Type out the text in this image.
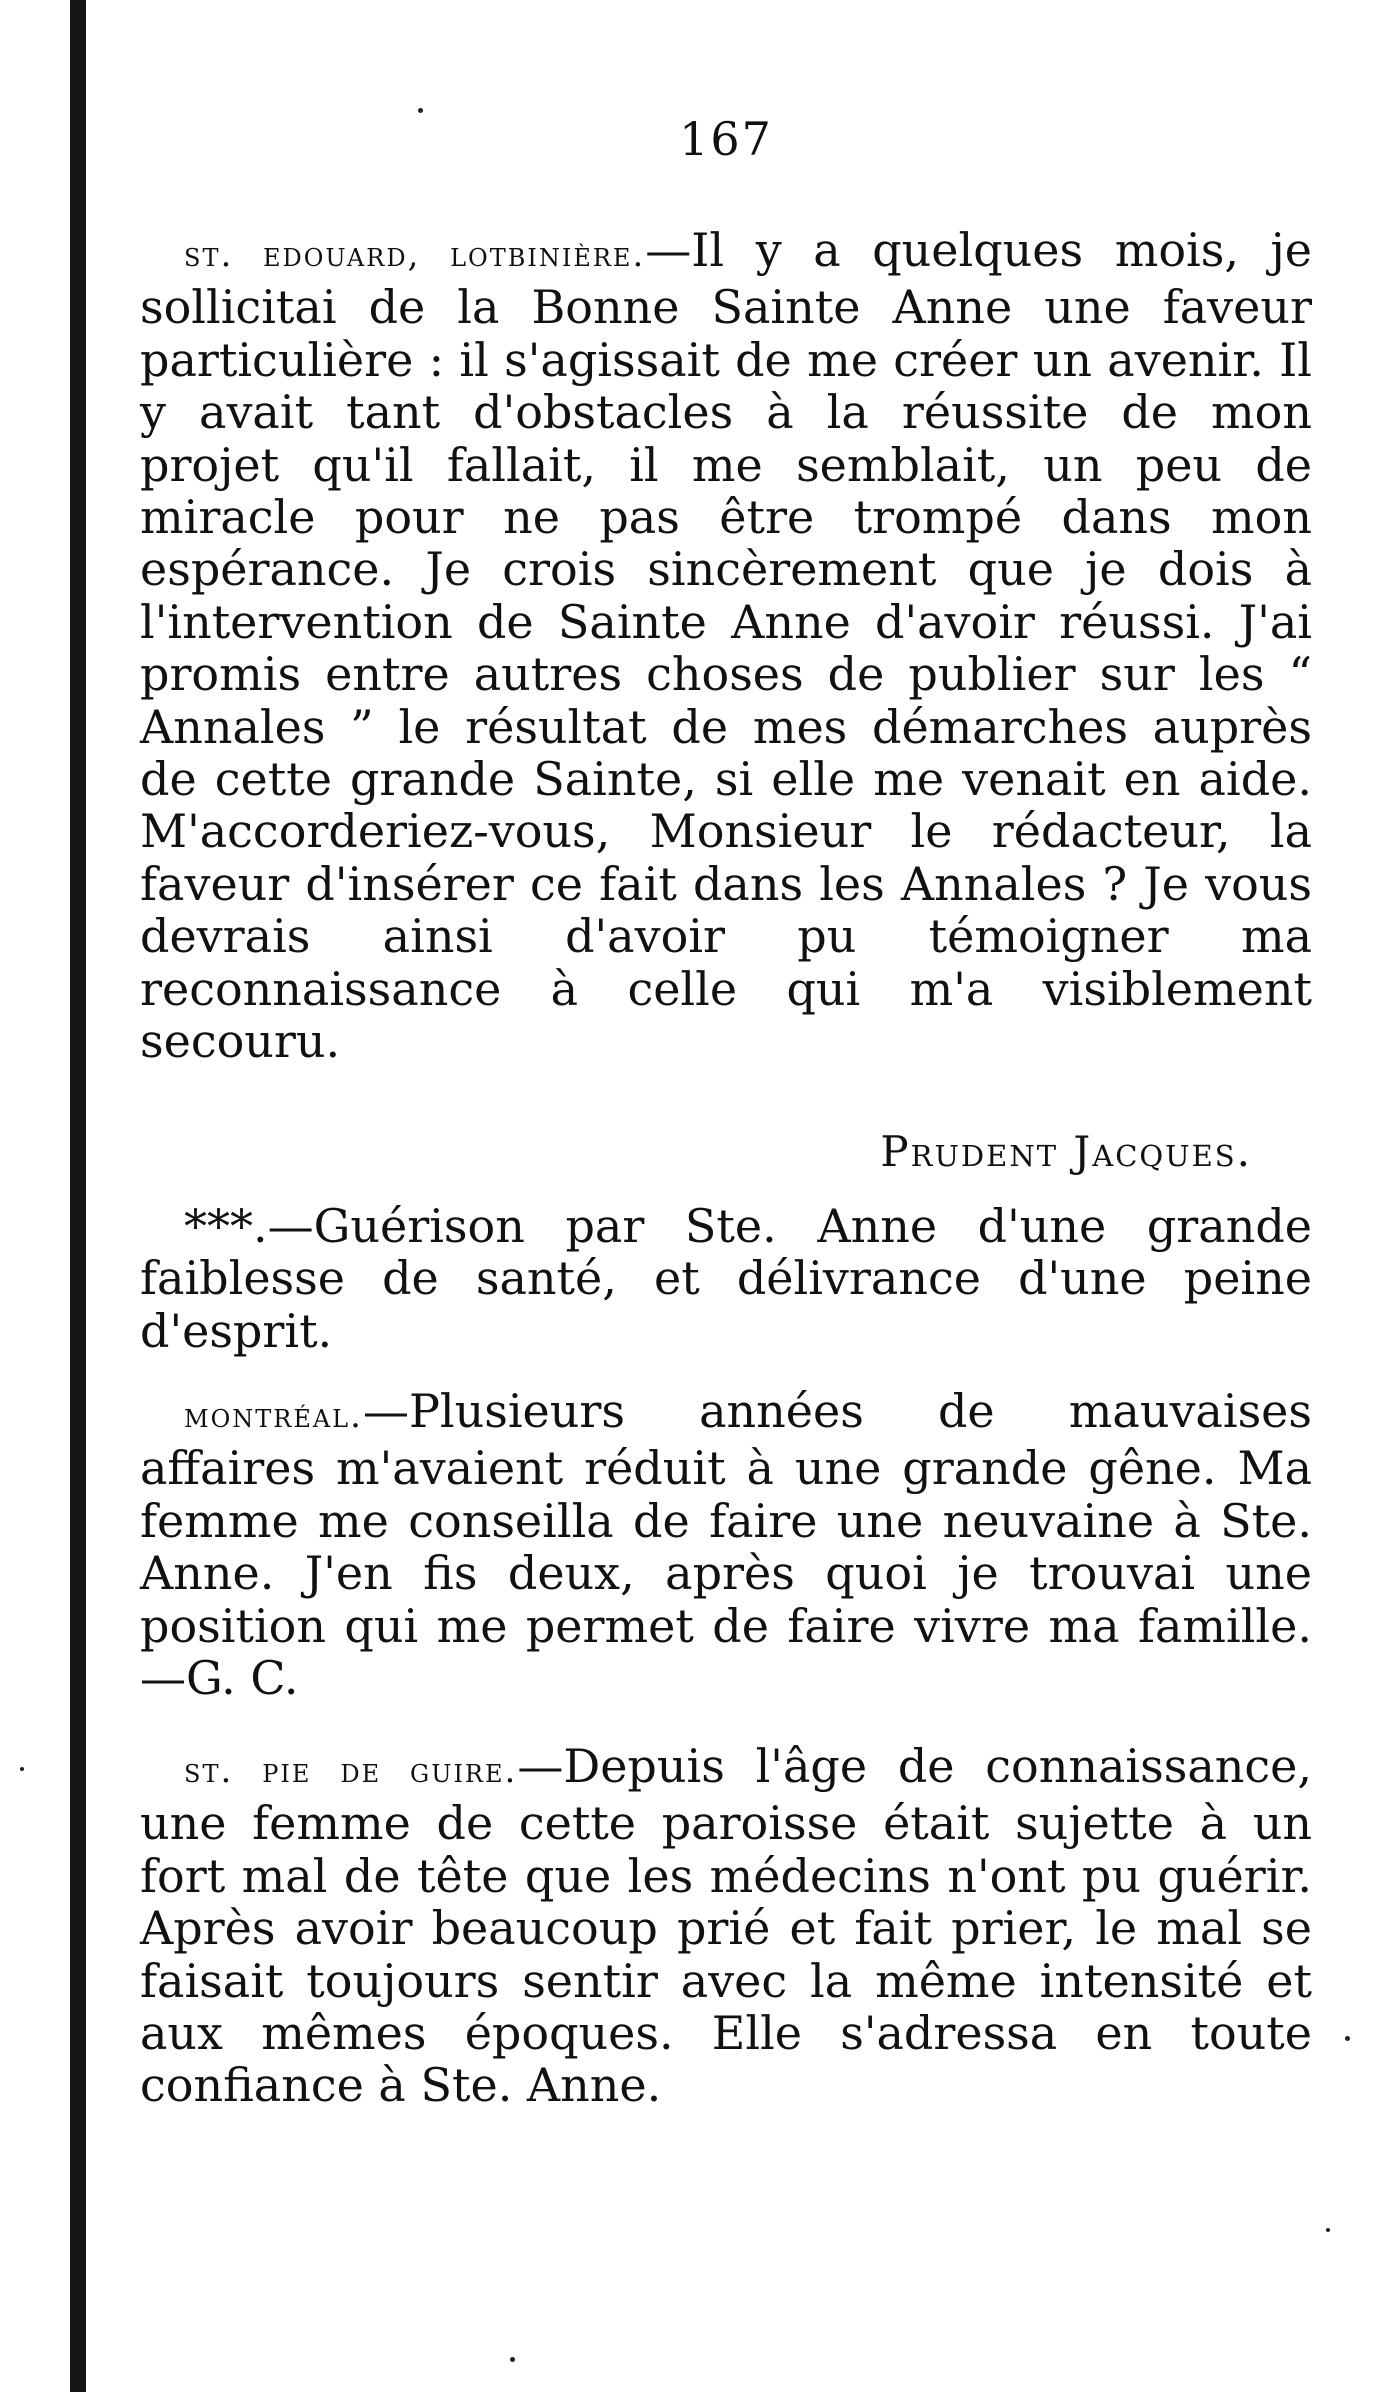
167

st. edouard, lotbinière.—Il y a quelques mois, je sollicitai de la Bonne Sainte Anne une faveur particulière : il s'agissait de me créer un avenir. Il y avait tant d'obstacles à la réussite de mon projet qu'il fallait, il me semblait, un peu de miracle pour ne pas être trompé dans mon espérance. Je crois sincèrement que je dois à l'intervention de Sainte Anne d'avoir réussi. J'ai promis entre autres choses de publier sur les “ Annales ” le résultat de mes démarches auprès de cette grande Sainte, si elle me venait en aide. M'accorderiez-vous, Monsieur le rédacteur, la faveur d'insérer ce fait dans les Annales ? Je vous devrais ainsi d'avoir pu témoigner ma reconnaissance à celle qui m'a visiblement secouru.

Prudent Jacques.

***.—Guérison par Ste. Anne d'une grande faiblesse de santé, et délivrance d'une peine d'esprit.

montréal.—Plusieurs années de mauvaises affaires m'avaient réduit à une grande gêne. Ma femme me conseilla de faire une neuvaine à Ste. Anne. J'en fis deux, après quoi je trouvai une position qui me permet de faire vivre ma famille.—G. C.

st. pie de guire.—Depuis l'âge de connaissance, une femme de cette paroisse était sujette à un fort mal de tête que les médecins n'ont pu guérir. Après avoir beaucoup prié et fait prier, le mal se faisait toujours sentir avec la même intensité et aux mêmes époques. Elle s'adressa en toute confiance à Ste. Anne.
